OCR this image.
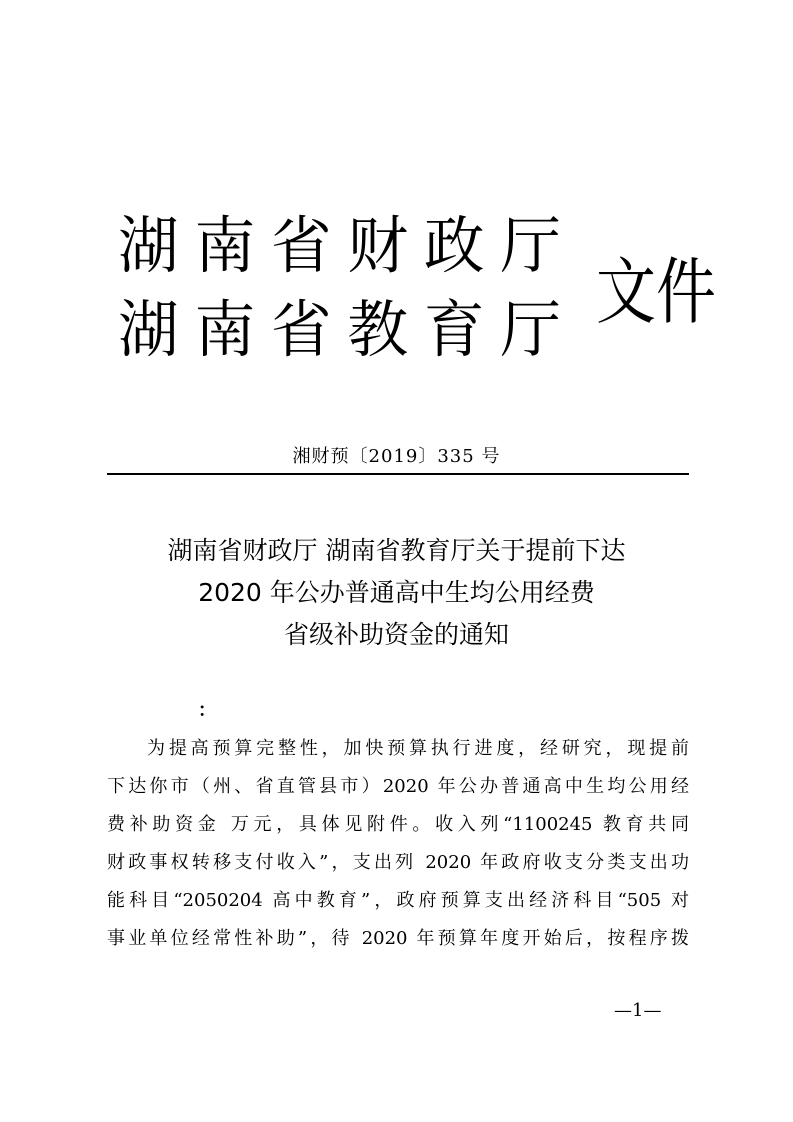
湖南省财政厅
湖南省教育厅 文件
湘财预〔2019〕335 号
湖南省财政厅 湖南省教育厅关于提前下达
2020 年公办普通高中生均公用经费
省级补助资金的通知
：
为提高预算完整性，加快预算执行进度，经研究，现提前
下达你市（州、省直管县市）2020 年公办普通高中生均公用经
费补助资金 万元，具体见附件。收入列“1100245 教育共同
财政事权转移支付收入”，支出列 2020 年政府收支分类支出功
能科目“2050204 高中教育”，政府预算支出经济科目“505 对
事业单位经常性补助”，待 2020 年预算年度开始后，按程序拨
—1—
